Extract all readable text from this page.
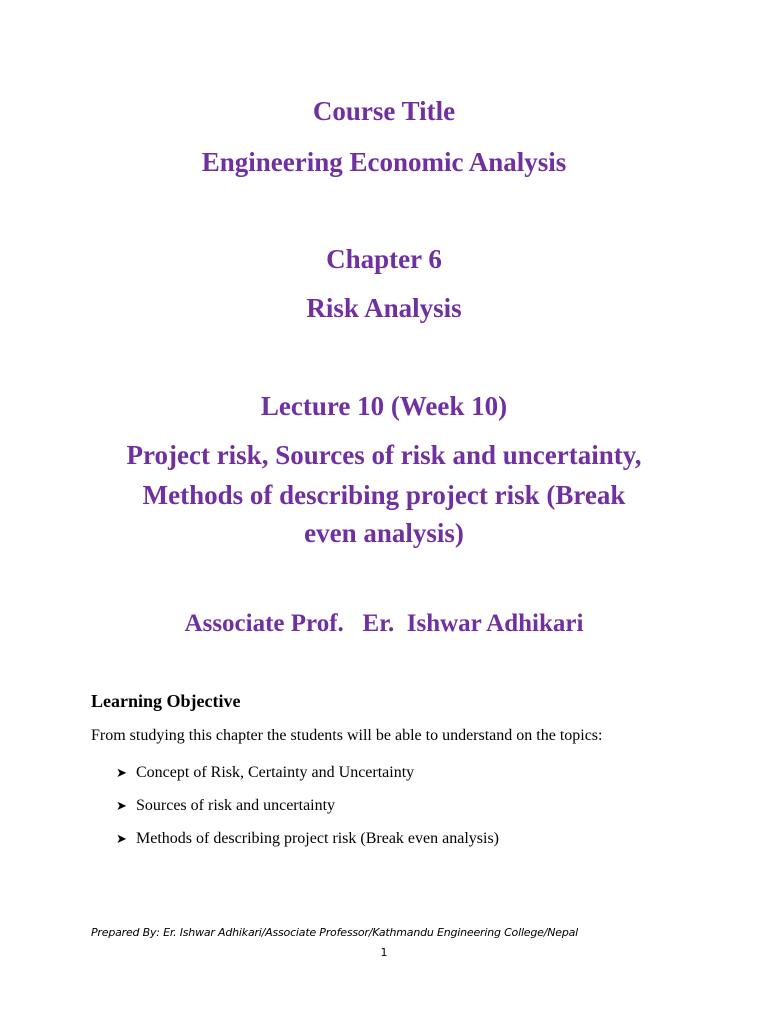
Course Title
Engineering Economic Analysis
Chapter 6
Risk Analysis
Lecture 10 (Week 10)
Project risk, Sources of risk and uncertainty,
Methods of describing project risk (Break
even analysis)
Associate Prof.   Er.  Ishwar Adhikari
Learning Objective
From studying this chapter the students will be able to understand on the topics:
➤ Concept of Risk, Certainty and Uncertainty
➤ Sources of risk and uncertainty
➤ Methods of describing project risk (Break even analysis)
Prepared By: Er. Ishwar Adhikari/Associate Professor/Kathmandu Engineering College/Nepal
1
